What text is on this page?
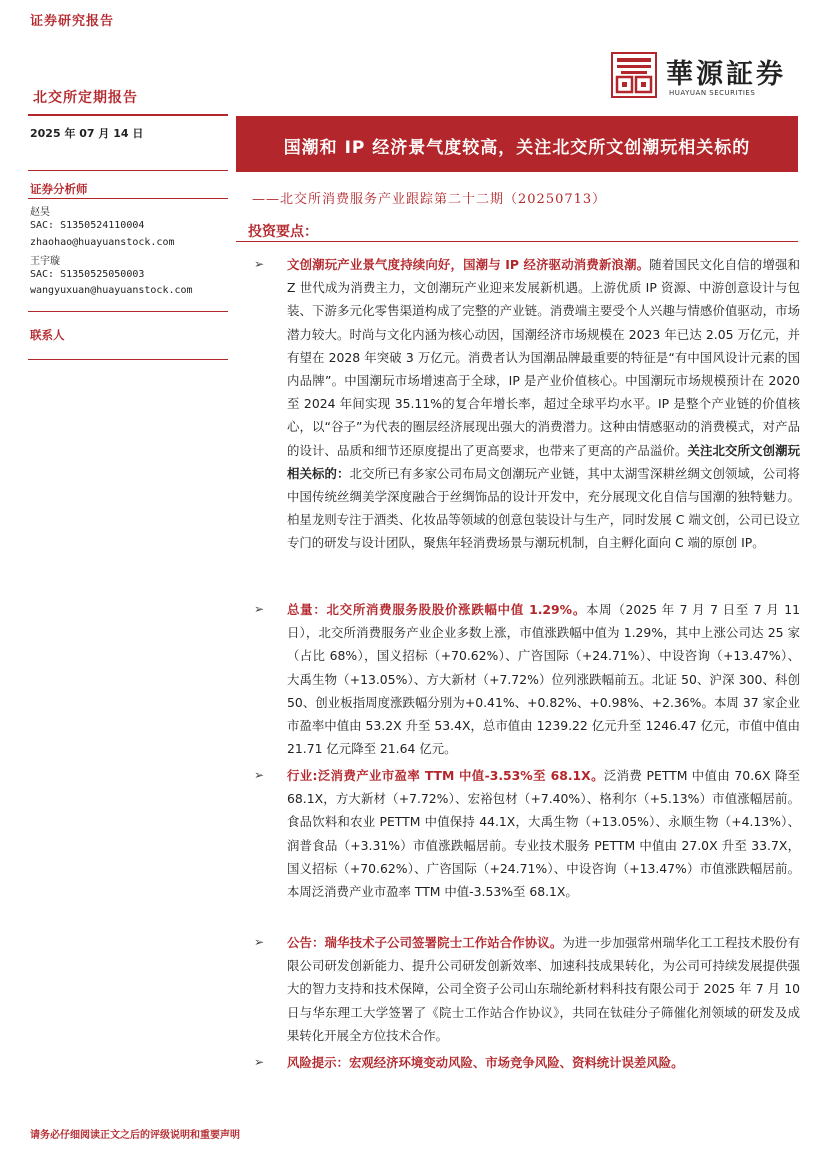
证券研究报告
華源証券
HUAYUAN SECURITIES
北交所定期报告
2025 年 07 月 14 日
证券分析师
赵昊
SAC: S1350524110004
zhaohao@huayuanstock.com
王宇璇
SAC: S1350525050003
wangyuxuan@huayuanstock.com
联系人
国潮和 IP 经济景气度较高，关注北交所文创潮玩相关标的
——北交所消费服务产业跟踪第二十二期（20250713）
投资要点：
➢ 文创潮玩产业景气度持续向好，国潮与 IP 经济驱动消费新浪潮。随着国民文化自信的增强和 Z 世代成为消费主力，文创潮玩产业迎来发展新机遇。上游优质 IP 资源、中游创意设计与包装、下游多元化零售渠道构成了完整的产业链。消费端主要受个人兴趣与情感价值驱动，市场潜力较大。时尚与文化内涵为核心动因，国潮经济市场规模在 2023 年已达 2.05 万亿元，并有望在 2028 年突破 3 万亿元。消费者认为国潮品牌最重要的特征是“有中国风设计元素的国内品牌”。中国潮玩市场增速高于全球，IP 是产业价值核心。中国潮玩市场规模预计在 2020 至 2024 年间实现 35.11%的复合年增长率，超过全球平均水平。IP 是整个产业链的价值核心，以“谷子”为代表的圈层经济展现出强大的消费潜力。这种由情感驱动的消费模式，对产品的设计、品质和细节还原度提出了更高要求，也带来了更高的产品溢价。关注北交所文创潮玩相关标的：北交所已有多家公司布局文创潮玩产业链，其中太湖雪深耕丝绸文创领域，公司将中国传统丝绸美学深度融合于丝绸饰品的设计开发中，充分展现文化自信与国潮的独特魅力。柏星龙则专注于酒类、化妆品等领域的创意包装设计与生产，同时发展 C 端文创，公司已设立专门的研发与设计团队，聚焦年轻消费场景与潮玩机制，自主孵化面向 C 端的原创 IP。
➢ 总量：北交所消费服务股股价涨跌幅中值 1.29%。本周（2025 年 7 月 7 日至 7 月 11 日），北交所消费服务产业企业多数上涨，市值涨跌幅中值为 1.29%，其中上涨公司达 25 家（占比 68%），国义招标（+70.62%）、广咨国际（+24.71%）、中设咨询（+13.47%）、大禹生物（+13.05%）、方大新材（+7.72%）位列涨跌幅前五。北证 50、沪深 300、科创 50、创业板指周度涨跌幅分别为+0.41%、+0.82%、+0.98%、+2.36%。本周 37 家企业市盈率中值由 53.2X 升至 53.4X，总市值由 1239.22 亿元升至 1246.47 亿元，市值中值由 21.71 亿元降至 21.64 亿元。
➢ 行业:泛消费产业市盈率 TTM 中值-3.53%至 68.1X。泛消费 PETTM 中值由 70.6X 降至 68.1X，方大新材（+7.72%）、宏裕包材（+7.40%）、格利尔（+5.13%）市值涨幅居前。食品饮料和农业 PETTM 中值保持 44.1X，大禹生物（+13.05%）、永顺生物（+4.13%）、润普食品（+3.31%）市值涨跌幅居前。专业技术服务 PETTM 中值由 27.0X 升至 33.7X，国义招标（+70.62%）、广咨国际（+24.71%）、中设咨询（+13.47%）市值涨跌幅居前。本周泛消费产业市盈率 TTM 中值-3.53%至 68.1X。
➢ 公告：瑞华技术子公司签署院士工作站合作协议。为进一步加强常州瑞华化工工程技术股份有限公司研发创新能力、提升公司研发创新效率、加速科技成果转化，为公司可持续发展提供强大的智力支持和技术保障，公司全资子公司山东瑞纶新材料科技有限公司于 2025 年 7 月 10 日与华东理工大学签署了《院士工作站合作协议》，共同在钛硅分子筛催化剂领域的研发及成果转化开展全方位技术合作。
➢ 风险提示：宏观经济环境变动风险、市场竞争风险、资料统计误差风险。
请务必仔细阅读正文之后的评级说明和重要声明
